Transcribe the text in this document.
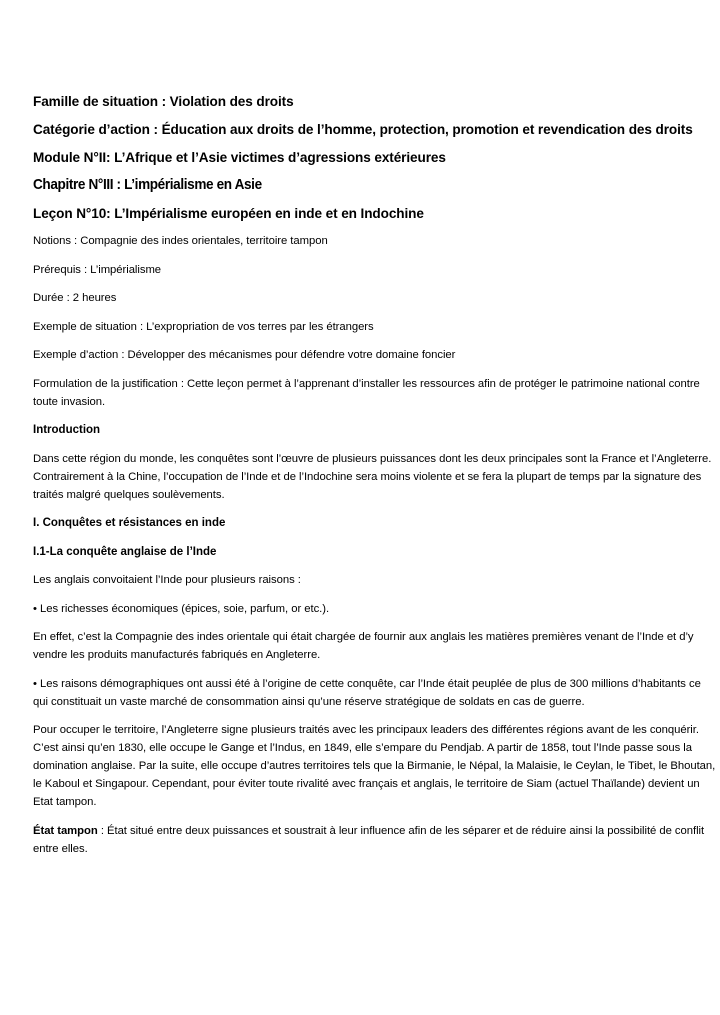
Famille de situation : Violation des droits
Catégorie d’action : Éducation aux droits de l’homme, protection, promotion et revendication des droits
Module N°II: L’Afrique et l’Asie victimes d’agressions extérieures
Chapitre N°III : L’impérialisme en Asie
Leçon N°10: L’Impérialisme européen en inde et en Indochine
Notions : Compagnie des indes orientales, territoire tampon
Prérequis : L’impérialisme
Durée : 2 heures
Exemple de situation : L’expropriation de vos terres par les étrangers
Exemple d’action : Développer des mécanismes pour défendre votre domaine foncier
Formulation de la justification : Cette leçon permet à l’apprenant d’installer les ressources afin de protéger le patrimoine national contre toute invasion.
Introduction
Dans cette région du monde, les conquêtes sont l’œuvre de plusieurs puissances dont les deux principales sont la France et l’Angleterre. Contrairement à la Chine, l’occupation de l’Inde et de l’Indochine sera moins violente et se fera la plupart de temps par la signature des traités malgré quelques soulèvements.
I. Conquêtes et résistances en inde
I.1-La conquête anglaise de l’Inde
Les anglais convoitaient l’Inde pour plusieurs raisons :
• Les richesses économiques (épices, soie, parfum, or etc.).
En effet, c’est la Compagnie des indes orientale qui était chargée de fournir aux anglais les matières premières venant de l’Inde et d’y vendre les produits manufacturés fabriqués en Angleterre.
• Les raisons démographiques ont aussi été à l’origine de cette conquête, car l’Inde était peuplée de plus de 300 millions d’habitants ce qui constituait un vaste marché de consommation ainsi qu’une réserve stratégique de soldats en cas de guerre.
Pour occuper le territoire, l’Angleterre signe plusieurs traités avec les principaux leaders des différentes régions avant de les conquérir. C’est ainsi qu’en 1830, elle occupe le Gange et l’Indus, en 1849, elle s’empare du Pendjab. A partir de 1858, tout l’Inde passe sous la domination anglaise. Par la suite, elle occupe d’autres territoires tels que la Birmanie, le Népal, la Malaisie, le Ceylan, le Tibet, le Bhoutan, le Kaboul et Singapour. Cependant, pour éviter toute rivalité avec français et anglais, le territoire de Siam (actuel Thaïlande) devient un Etat tampon.
État tampon : État situé entre deux puissances et soustrait à leur influence afin de les séparer et de réduire ainsi la possibilité de conflit entre elles.
